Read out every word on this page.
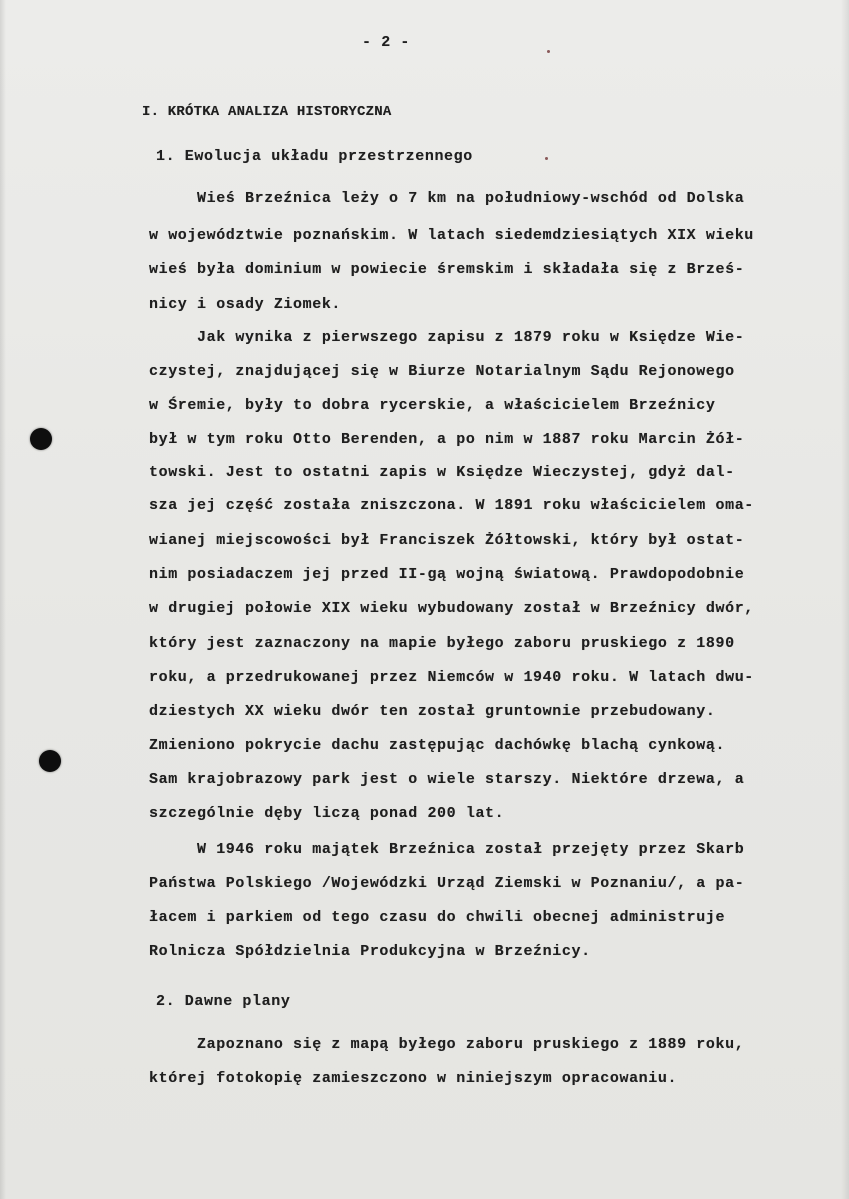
- 2 -
I. KRÓTKA ANALIZA HISTORYCZNA
1. Ewolucja układu przestrzennego
Wieś Brzeźnica leży o 7 km na południowy-wschód od Dolska
w województwie poznańskim. W latach siedemdziesiątych XIX wieku
wieś była dominium w powiecie śremskim i składała się z Brześ-
nicy i osady Ziomek.
Jak wynika z pierwszego zapisu z 1879 roku w Księdze Wie-
czystej, znajdującej się w Biurze Notarialnym Sądu Rejonowego
w Śremie, były to dobra rycerskie, a właścicielem Brzeźnicy
był w tym roku Otto Berenden, a po nim w 1887 roku Marcin Żół-
towski. Jest to ostatni zapis w Księdze Wieczystej, gdyż dal-
sza jej część została zniszczona. W 1891 roku właścicielem oma-
wianej miejscowości był Franciszek Żółtowski, który był ostat-
nim posiadaczem jej przed II-gą wojną światową. Prawdopodobnie
w drugiej połowie XIX wieku wybudowany został w Brzeźnicy dwór,
który jest zaznaczony na mapie byłego zaboru pruskiego z 1890
roku, a przedrukowanej przez Niemców w 1940 roku. W latach dwu-
dziestych XX wieku dwór ten został gruntownie przebudowany.
Zmieniono pokrycie dachu zastępując dachówkę blachą cynkową.
Sam krajobrazowy park jest o wiele starszy. Niektóre drzewa, a
szczególnie dęby liczą ponad 200 lat.
W 1946 roku majątek Brzeźnica został przejęty przez Skarb
Państwa Polskiego /Wojewódzki Urząd Ziemski w Poznaniu/, a pa-
łacem i parkiem od tego czasu do chwili obecnej administruje
Rolnicza Spółdzielnia Produkcyjna w Brzeźnicy.
2. Dawne plany
Zapoznano się z mapą byłego zaboru pruskiego z 1889 roku,
której fotokopię zamieszczono w niniejszym opracowaniu.
